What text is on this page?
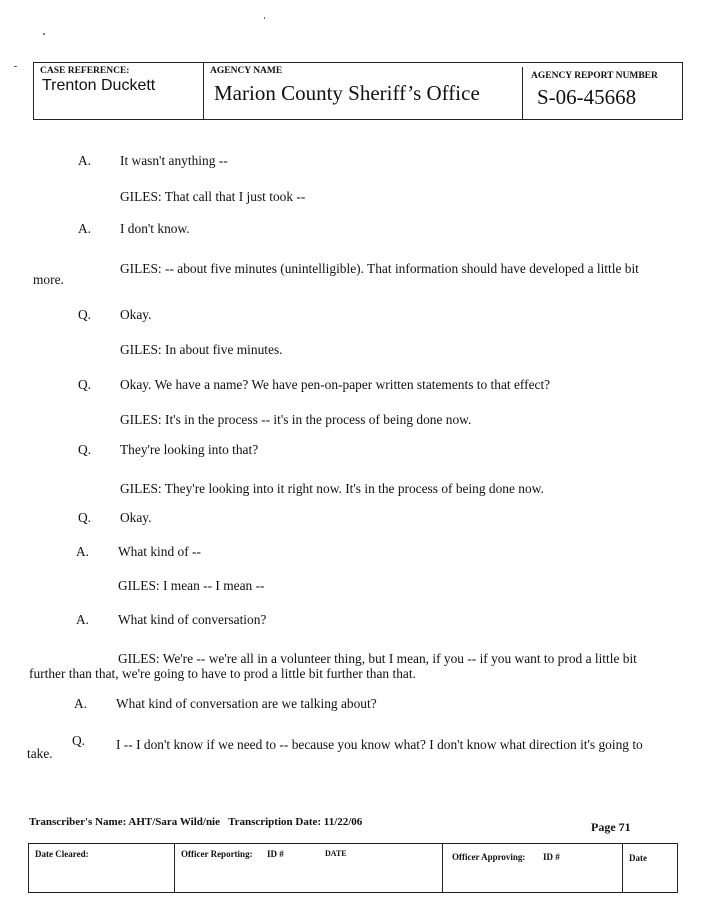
CASE REFERENCE:
Trenton Duckett
AGENCY NAME
Marion County Sheriff’s Office
AGENCY REPORT NUMBER
S-06-45668
A. It wasn't anything --
GILES: That call that I just took --
A. I don't know.
GILES: -- about five minutes (unintelligible). That information should have developed a little bit
more.
Q. Okay.
GILES: In about five minutes.
Q. Okay. We have a name? We have pen-on-paper written statements to that effect?
GILES: It's in the process -- it's in the process of being done now.
Q. They're looking into that?
GILES: They're looking into it right now. It's in the process of being done now.
Q. Okay.
A. What kind of --
GILES: I mean -- I mean --
A. What kind of conversation?
GILES: We're -- we're all in a volunteer thing, but I mean, if you -- if you want to prod a little bit
further than that, we're going to have to prod a little bit further than that.
A. What kind of conversation are we talking about?
Q. I -- I don't know if we need to -- because you know what? I don't know what direction it's going to
take.
Transcriber's Name: AHT/Sara Wild/nie Transcription Date: 11/22/06	Page 71
Date Cleared:	Officer Reporting: ID #	DATE	Officer Approving: ID #	Date
